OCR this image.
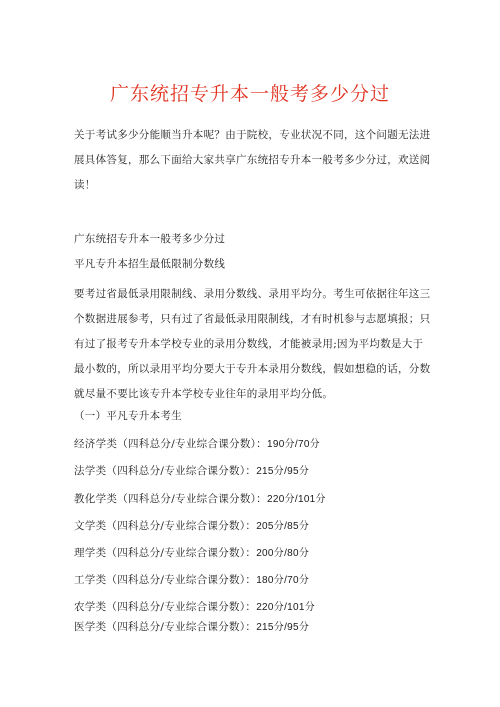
广东统招专升本一般考多少分过

关于考试多少分能顺当升本呢？由于院校，专业状况不同，这个问题无法进展具体答复，那么下面给大家共享广东统招专升本一般考多少分过，欢送阅读！

广东统招专升本一般考多少分过
平凡专升本招生最低限制分数线

要考过省最低录用限制线、录用分数线、录用平均分。考生可依据往年这三个数据进展参考，只有过了省最低录用限制线，才有时机参与志愿填报；只有过了报考专升本学校专业的录用分数线，才能被录用;因为平均数是大于最小数的，所以录用平均分要大于专升本录用分数线，假如想稳的话，分数就尽量不要比该专升本学校专业往年的录用平均分低。

（一）平凡专升本考生
经济学类（四科总分/专业综合课分数）：190分/70分
法学类（四科总分/专业综合课分数）：215分/95分
教化学类（四科总分/专业综合课分数）：220分/101分
文学类（四科总分/专业综合课分数）：205分/85分
理学类（四科总分/专业综合课分数）：200分/80分
工学类（四科总分/专业综合课分数）：180分/70分
农学类（四科总分/专业综合课分数）：220分/101分
医学类（四科总分/专业综合课分数）：215分/95分
